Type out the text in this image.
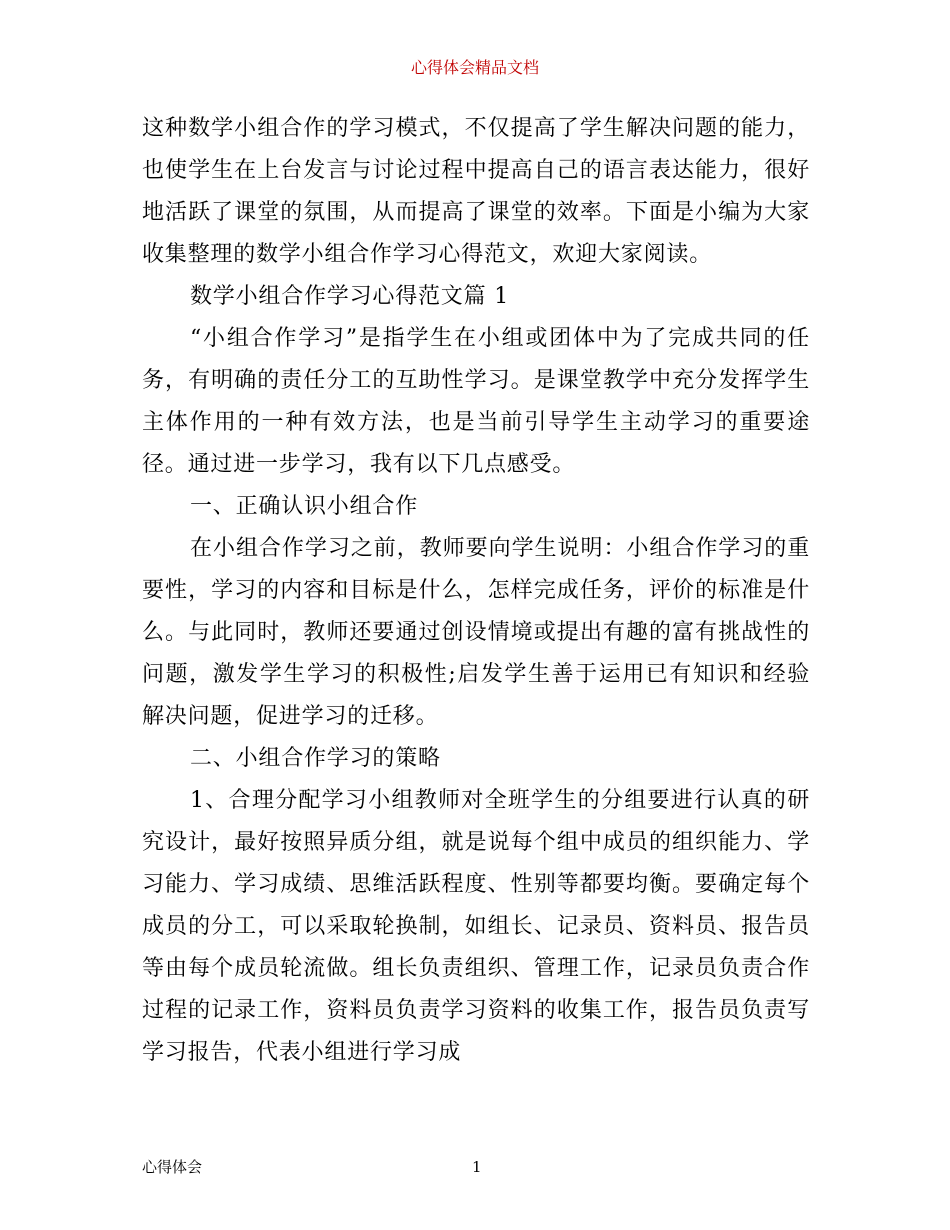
心得体会精品文档

这种数学小组合作的学习模式，不仅提高了学生解决问题的能力，也使学生在上台发言与讨论过程中提高自己的语言表达能力，很好地活跃了课堂的氛围，从而提高了课堂的效率。下面是小编为大家收集整理的数学小组合作学习心得范文，欢迎大家阅读。

数学小组合作学习心得范文篇 1

“小组合作学习”是指学生在小组或团体中为了完成共同的任务，有明确的责任分工的互助性学习。是课堂教学中充分发挥学生主体作用的一种有效方法，也是当前引导学生主动学习的重要途径。通过进一步学习，我有以下几点感受。

一、正确认识小组合作

在小组合作学习之前，教师要向学生说明：小组合作学习的重要性，学习的内容和目标是什么，怎样完成任务，评价的标准是什么。与此同时，教师还要通过创设情境或提出有趣的富有挑战性的问题，激发学生学习的积极性;启发学生善于运用已有知识和经验解决问题，促进学习的迁移。

二、小组合作学习的策略

1、合理分配学习小组教师对全班学生的分组要进行认真的研究设计，最好按照异质分组，就是说每个组中成员的组织能力、学习能力、学习成绩、思维活跃程度、性别等都要均衡。要确定每个成员的分工，可以采取轮换制，如组长、记录员、资料员、报告员等由每个成员轮流做。组长负责组织、管理工作，记录员负责合作过程的记录工作，资料员负责学习资料的收集工作，报告员负责写学习报告，代表小组进行学习成

心得体会	1
